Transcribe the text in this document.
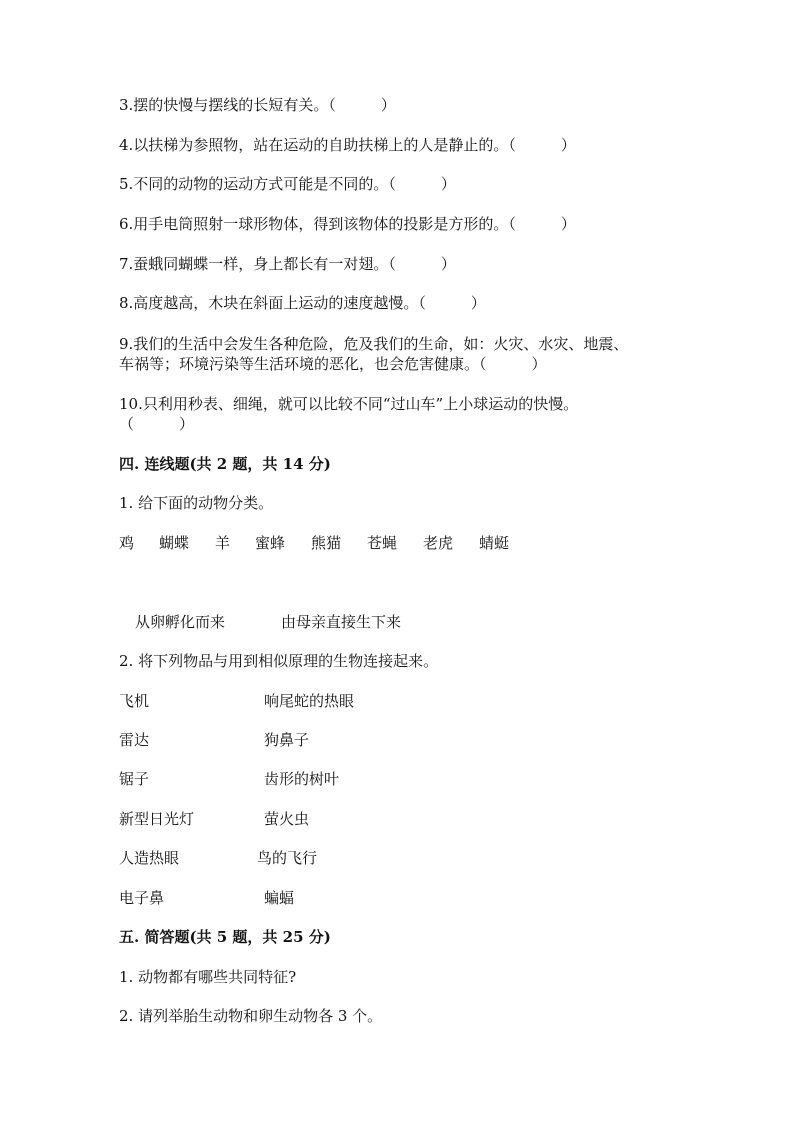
3.摆的快慢与摆线的长短有关。（　　　）
4.以扶梯为参照物，站在运动的自助扶梯上的人是静止的。（　　　）
5.不同的动物的运动方式可能是不同的。（　　　）
6.用手电筒照射一球形物体，得到该物体的投影是方形的。（　　　）
7.蚕蛾同蝴蝶一样，身上都长有一对翅。（　　　）
8.高度越高，木块在斜面上运动的速度越慢。（　　　）
9.我们的生活中会发生各种危险，危及我们的生命，如：火灾、水灾、地震、
车祸等；环境污染等生活环境的恶化，也会危害健康。（　　　）
10.只利用秒表、细绳，就可以比较不同“过山车”上小球运动的快慢。
（　　　）
四. 连线题(共 2 题，共 14 分)
1. 给下面的动物分类。
鸡 蝴蝶 羊 蜜蜂 熊猫 苍蝇 老虎 蜻蜓
从卵孵化而来	由母亲直接生下来
2. 将下列物品与用到相似原理的生物连接起来。
飞机	响尾蛇的热眼
雷达	狗鼻子
锯子	齿形的树叶
新型日光灯	萤火虫
人造热眼	鸟的飞行
电子鼻	蝙蝠
五. 简答题(共 5 题，共 25 分)
1. 动物都有哪些共同特征?
2. 请列举胎生动物和卵生动物各 3 个。
